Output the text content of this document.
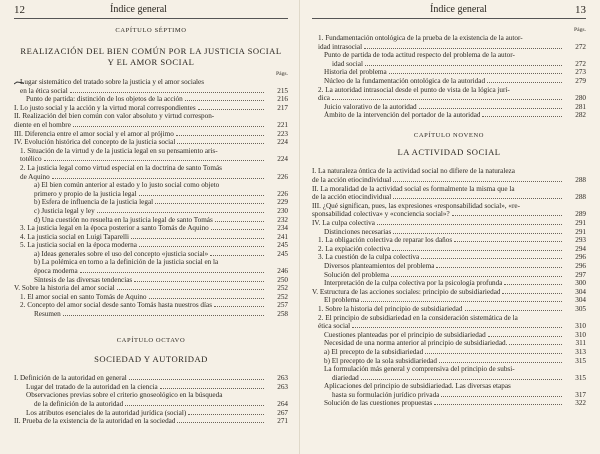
12	Índice general
CAPÍTULO SÉPTIMO
REALIZACIÓN DEL BIEN COMÚN POR LA JUSTICIA SOCIAL
Y EL AMOR SOCIAL
Págs.
Lugar sistemático del tratado sobre la justicia y el amor sociales
en la ética social	215
Punto de partida: distinción de los objetos de la acción	216
I. Lo justo social y la acción y la virtud moral correspondientes	217
II. Realización del bien común con valor absoluto y virtud correspon-
diente en el hombre	221
III. Diferencia entre el amor social y el amor al prójimo	223
IV. Evolución histórica del concepto de la justicia social	224
1. Situación de la virtud y de la justicia legal en su pensamiento aris-
totélico	224
2. La justicia legal como virtud especial en la doctrina de santo Tomás
de Aquino	226
a) El bien común anterior al estado y lo justo social como objeto
primero y propio de la justicia legal	226
b) Esfera de influencia de la justicia legal	229
c) Justicia legal y ley	230
d) Una cuestión no resuelta en la justicia legal de santo Tomás	232
3. La justicia legal en la época posterior a santo Tomás de Aquino	234
4. La justicia social en Luigi Taparelli	241
5. La justicia social en la época moderna	245
a) Ideas generales sobre el uso del concepto «justicia social»	245
b) La polémica en torno a la definición de la justicia social en la
época moderna	246
Síntesis de las diversas tendencias	250
V. Sobre la historia del amor social	252
1. El amor social en santo Tomás de Aquino	252
2. Concepto del amor social desde santo Tomás hasta nuestros días	257
Resumen	258
CAPÍTULO OCTAVO
SOCIEDAD Y AUTORIDAD
I. Definición de la autoridad en general	263
Lugar del tratado de la autoridad en la ciencia	263
Observaciones previas sobre el criterio gnoseológico en la búsqueda
de la definición de la autoridad	264
Los atributos esenciales de la autoridad jurídica (social)	267
II. Prueba de la existencia de la autoridad en la sociedad	271
Índice general	13
Págs.
1. Fundamentación ontológica de la prueba de la existencia de la autor-
idad intrasocial	272
Punto de partida de toda actitud respecto del problema de la autor-
idad social	272
Historia del problema	273
Núcleo de la fundamentación ontológica de la autoridad	279
2. La autoridad intrasocial desde el punto de vista de la lógica jurí-
dica	280
Juicio valorativo de la autoridad	281
Ámbito de la intervención del portador de la autoridad	282
CAPÍTULO NOVENO
LA ACTIVIDAD SOCIAL
I. La naturaleza óntica de la actividad social no difiere de la naturaleza
de la acción etiocindividual	288
II. La moralidad de la actividad social es formalmente la misma que la
de la acción etiocindividual	288
III. ¿Qué significan, pues, las expresiones «responsabilidad social», «re-
sponsabilidad colectiva» y «conciencia social»?	289
IV. La culpa colectiva	291
Distinciones necesarias	291
1. La obligación colectiva de reparar los daños	293
2. La expiación colectiva	294
3. La cuestión de la culpa colectiva	296
Diversos planteamientos del problema	296
Solución del problema	297
Interpretación de la culpa colectiva por la psicología profunda	300
V. Estructura de las acciones sociales: principio de subsidiariedad	304
El problema	304
1. Sobre la historia del principio de subsidiariedad	305
2. El principio de subsidiariedad en la consideración sistemática de la
ética social	310
Cuestiones planteadas por el principio de subsidiariedad	310
Necesidad de una norma anterior al principio de subsidiariedad.	311
a) El precepto de la subsidiariedad	313
b) El precepto de la sola subsidiariedad	315
La formulación más general y comprensiva del principio de subsi-
diariedad	315
Aplicaciones del principio de subsidiariedad. Las diversas etapas
hasta su formulación jurídico privada	317
Solución de las cuestiones propuestas	322
